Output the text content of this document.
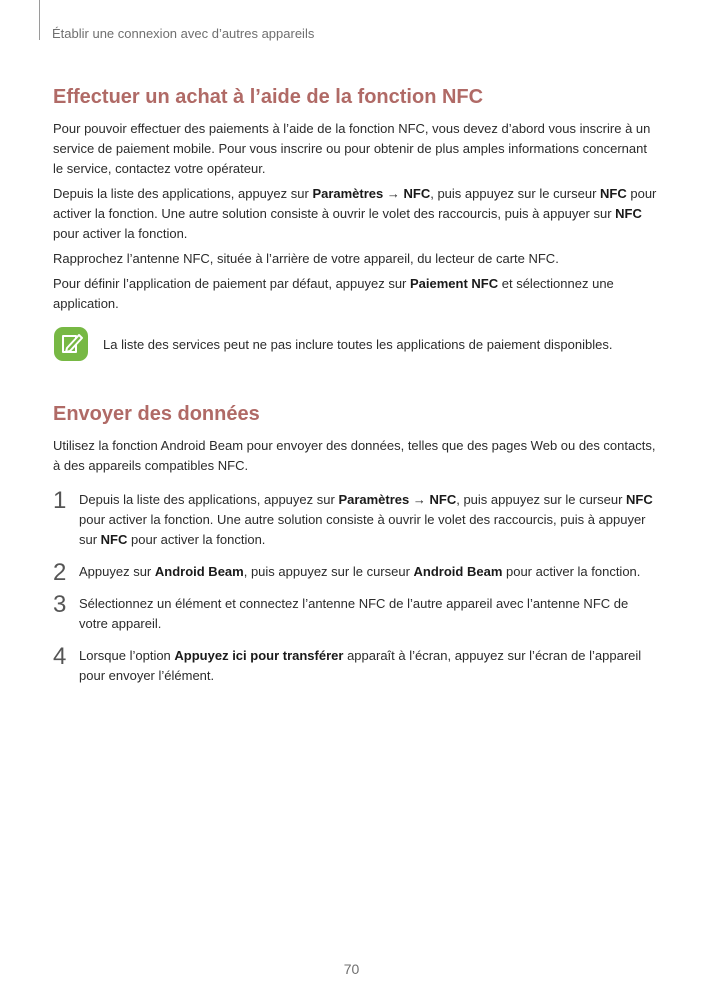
Établir une connexion avec d’autres appareils
Effectuer un achat à l’aide de la fonction NFC

Pour pouvoir effectuer des paiements à l’aide de la fonction NFC, vous devez d’abord vous inscrire à un service de paiement mobile. Pour vous inscrire ou pour obtenir de plus amples informations concernant le service, contactez votre opérateur.

Depuis la liste des applications, appuyez sur Paramètres → NFC, puis appuyez sur le curseur NFC pour activer la fonction. Une autre solution consiste à ouvrir le volet des raccourcis, puis à appuyer sur NFC pour activer la fonction.

Rapprochez l’antenne NFC, située à l’arrière de votre appareil, du lecteur de carte NFC.

Pour définir l’application de paiement par défaut, appuyez sur Paiement NFC et sélectionnez une application.

La liste des services peut ne pas inclure toutes les applications de paiement disponibles.

Envoyer des données

Utilisez la fonction Android Beam pour envoyer des données, telles que des pages Web ou des contacts, à des appareils compatibles NFC.

1 Depuis la liste des applications, appuyez sur Paramètres → NFC, puis appuyez sur le curseur NFC pour activer la fonction. Une autre solution consiste à ouvrir le volet des raccourcis, puis à appuyer sur NFC pour activer la fonction.

2 Appuyez sur Android Beam, puis appuyez sur le curseur Android Beam pour activer la fonction.

3 Sélectionnez un élément et connectez l’antenne NFC de l’autre appareil avec l’antenne NFC de votre appareil.

4 Lorsque l’option Appuyez ici pour transférer apparaît à l’écran, appuyez sur l’écran de l’appareil pour envoyer l’élément.

70
